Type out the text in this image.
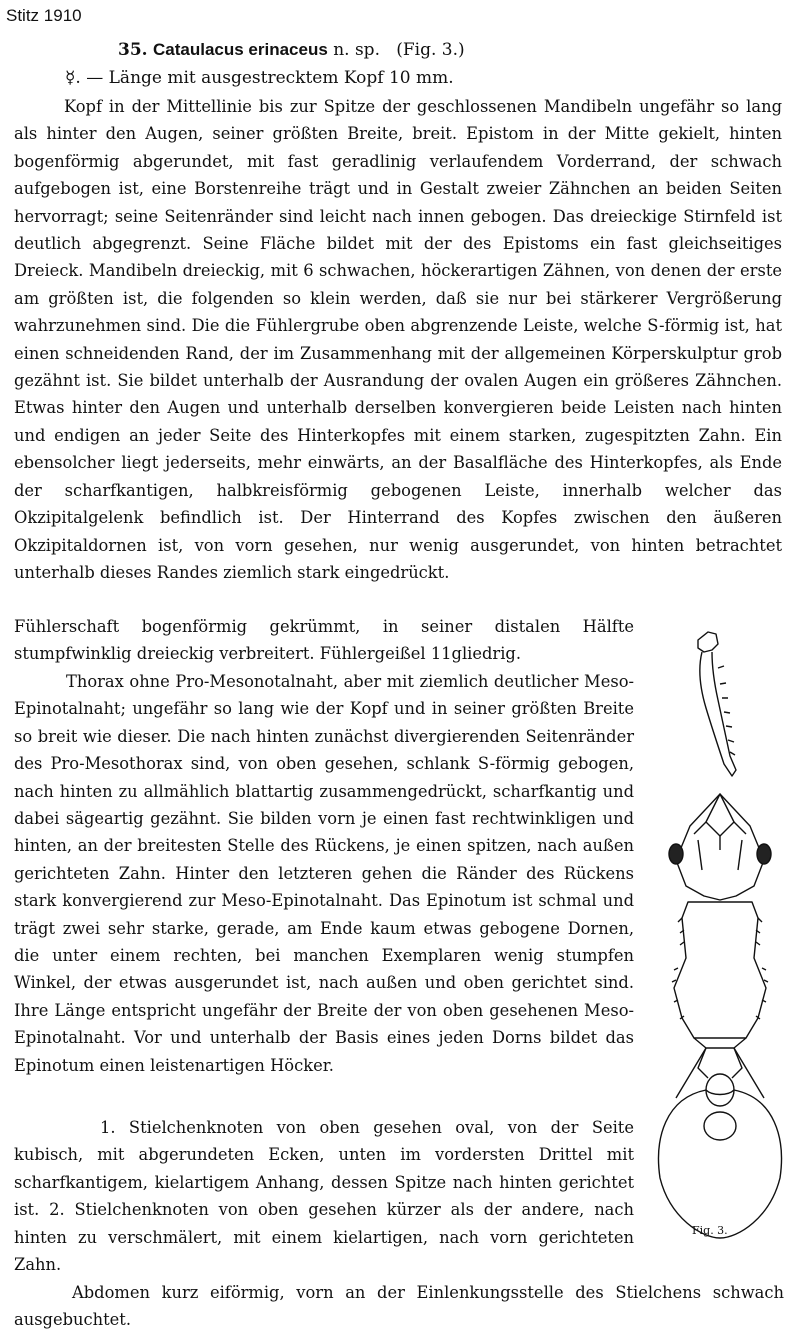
Stitz 1910
35. Cataulacus erinaceus n. sp. (Fig. 3.)
☿. — Länge mit ausgestrecktem Kopf 10 mm.

Kopf in der Mittellinie bis zur Spitze der geschlossenen Mandibeln ungefähr so lang als hinter den Augen, seiner größten Breite, breit. Epistom in der Mitte gekielt, hinten bogenförmig abgerundet, mit fast geradlinig verlaufendem Vorderrand, der schwach aufgebogen ist, eine Borstenreihe trägt und in Gestalt zweier Zähnchen an beiden Seiten hervorragt; seine Seitenränder sind leicht nach innen gebogen. Das dreieckige Stirnfeld ist deutlich abgegrenzt. Seine Fläche bildet mit der des Epistoms ein fast gleichseitiges Dreieck. Mandibeln dreieckig, mit 6 schwachen, höckerartigen Zähnen, von denen der erste am größten ist, die folgenden so klein werden, daß sie nur bei stärkerer Vergrößerung wahrzunehmen sind. Die die Fühlergrube oben abgrenzende Leiste, welche S-förmig ist, hat einen schneidenden Rand, der im Zusammenhang mit der allgemeinen Körperskulptur grob gezähnt ist. Sie bildet unterhalb der Ausrandung der ovalen Augen ein größeres Zähnchen. Etwas hinter den Augen und unterhalb derselben konvergieren beide Leisten nach hinten und endigen an jeder Seite des Hinterkopfes mit einem starken, zugespitzten Zahn. Ein ebensolcher liegt jederseits, mehr einwärts, an der Basalfläche des Hinterkopfes, als Ende der scharfkantigen, halbkreisförmig gebogenen Leiste, innerhalb welcher das Okzipitalgelenk befindlich ist. Der Hinterrand des Kopfes zwischen den äußeren Okzipitaldornen ist, von vorn gesehen, nur wenig ausgerundet, von hinten betrachtet unterhalb dieses Randes ziemlich stark eingedrückt.

Fühlerschaft bogenförmig gekrümmt, in seiner distalen Hälfte stumpfwinklig dreieckig verbreitert. Fühlergeißel 11gliedrig.

Thorax ohne Pro-Mesonotalnaht, aber mit ziemlich deutlicher Meso-Epinotalnaht; ungefähr so lang wie der Kopf und in seiner größten Breite so breit wie dieser. Die nach hinten zunächst divergierenden Seitenränder des Pro-Mesothorax sind, von oben gesehen, schlank S-förmig gebogen, nach hinten zu allmählich blattartig zusammengedrückt, scharfkantig und dabei sägeartig gezähnt. Sie bilden vorn je einen fast rechtwinkligen und hinten, an der breitesten Stelle des Rückens, je einen spitzen, nach außen gerichteten Zahn. Hinter den letzteren gehen die Ränder des Rückens stark konvergierend zur Meso-Epinotalnaht. Das Epinotum ist schmal und trägt zwei sehr starke, gerade, am Ende kaum etwas gebogene Dornen, die unter einem rechten, bei manchen Exemplaren wenig stumpfen Winkel, der etwas ausgerundet ist, nach außen und oben gerichtet sind. Ihre Länge entspricht ungefähr der Breite der von oben gesehenen Meso-Epinotalnaht. Vor und unterhalb der Basis eines jeden Dorns bildet das Epinotum einen leistenartigen Höcker.

1. Stielchenknoten von oben gesehen oval, von der Seite kubisch, mit abgerundeten Ecken, unten im vordersten Drittel mit scharfkantigem, kielartigem Anhang, dessen Spitze nach hinten gerichtet ist. 2. Stielchenknoten von oben gesehen kürzer als der andere, nach hinten zu verschmälert, mit einem kielartigen, nach vorn gerichteten Zahn.

Abdomen kurz eiförmig, vorn an der Einlenkungsstelle des Stielchens schwach ausgebuchtet.

Fig. 3.
